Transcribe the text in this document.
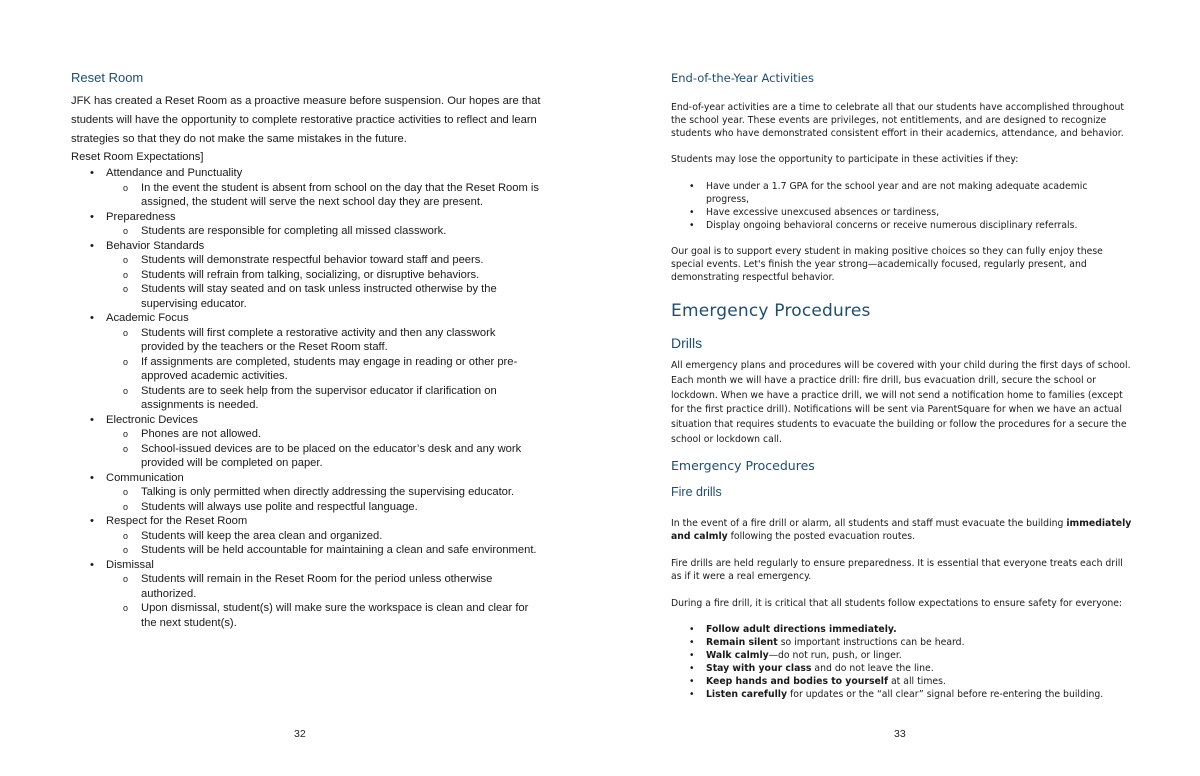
Reset Room

JFK has created a Reset Room as a proactive measure before suspension. Our hopes are that students will have the opportunity to complete restorative practice activities to reflect and learn strategies so that they do not make the same mistakes in the future.

Reset Room Expectations]
• Attendance and Punctuality
o In the event the student is absent from school on the day that the Reset Room is assigned, the student will serve the next school day they are present.
• Preparedness
o Students are responsible for completing all missed classwork.
• Behavior Standards
o Students will demonstrate respectful behavior toward staff and peers.
o Students will refrain from talking, socializing, or disruptive behaviors.
o Students will stay seated and on task unless instructed otherwise by the supervising educator.
• Academic Focus
o Students will first complete a restorative activity and then any classwork provided by the teachers or the Reset Room staff.
o If assignments are completed, students may engage in reading or other pre-approved academic activities.
o Students are to seek help from the supervisor educator if clarification on assignments is needed.
• Electronic Devices
o Phones are not allowed.
o School-issued devices are to be placed on the educator’s desk and any work provided will be completed on paper.
• Communication
o Talking is only permitted when directly addressing the supervising educator.
o Students will always use polite and respectful language.
• Respect for the Reset Room
o Students will keep the area clean and organized.
o Students will be held accountable for maintaining a clean and safe environment.
• Dismissal
o Students will remain in the Reset Room for the period unless otherwise authorized.
o Upon dismissal, student(s) will make sure the workspace is clean and clear for the next student(s).
32
End-of-the-Year Activities

End-of-year activities are a time to celebrate all that our students have accomplished throughout the school year. These events are privileges, not entitlements, and are designed to recognize students who have demonstrated consistent effort in their academics, attendance, and behavior.

Students may lose the opportunity to participate in these activities if they:

• Have under a 1.7 GPA for the school year and are not making adequate academic progress,
• Have excessive unexcused absences or tardiness,
• Display ongoing behavioral concerns or receive numerous disciplinary referrals.

Our goal is to support every student in making positive choices so they can fully enjoy these special events. Let's finish the year strong—academically focused, regularly present, and demonstrating respectful behavior.

Emergency Procedures
Drills

All emergency plans and procedures will be covered with your child during the first days of school. Each month we will have a practice drill: fire drill, bus evacuation drill, secure the school or lockdown. When we have a practice drill, we will not send a notification home to families (except for the first practice drill). Notifications will be sent via ParentSquare for when we have an actual situation that requires students to evacuate the building or follow the procedures for a secure the school or lockdown call.

Emergency Procedures
Fire drills

In the event of a fire drill or alarm, all students and staff must evacuate the building immediately and calmly following the posted evacuation routes.

Fire drills are held regularly to ensure preparedness. It is essential that everyone treats each drill as if it were a real emergency.

During a fire drill, it is critical that all students follow expectations to ensure safety for everyone:

• Follow adult directions immediately.
• Remain silent so important instructions can be heard.
• Walk calmly—do not run, push, or linger.
• Stay with your class and do not leave the line.
• Keep hands and bodies to yourself at all times.
• Listen carefully for updates or the “all clear” signal before re-entering the building.
33
